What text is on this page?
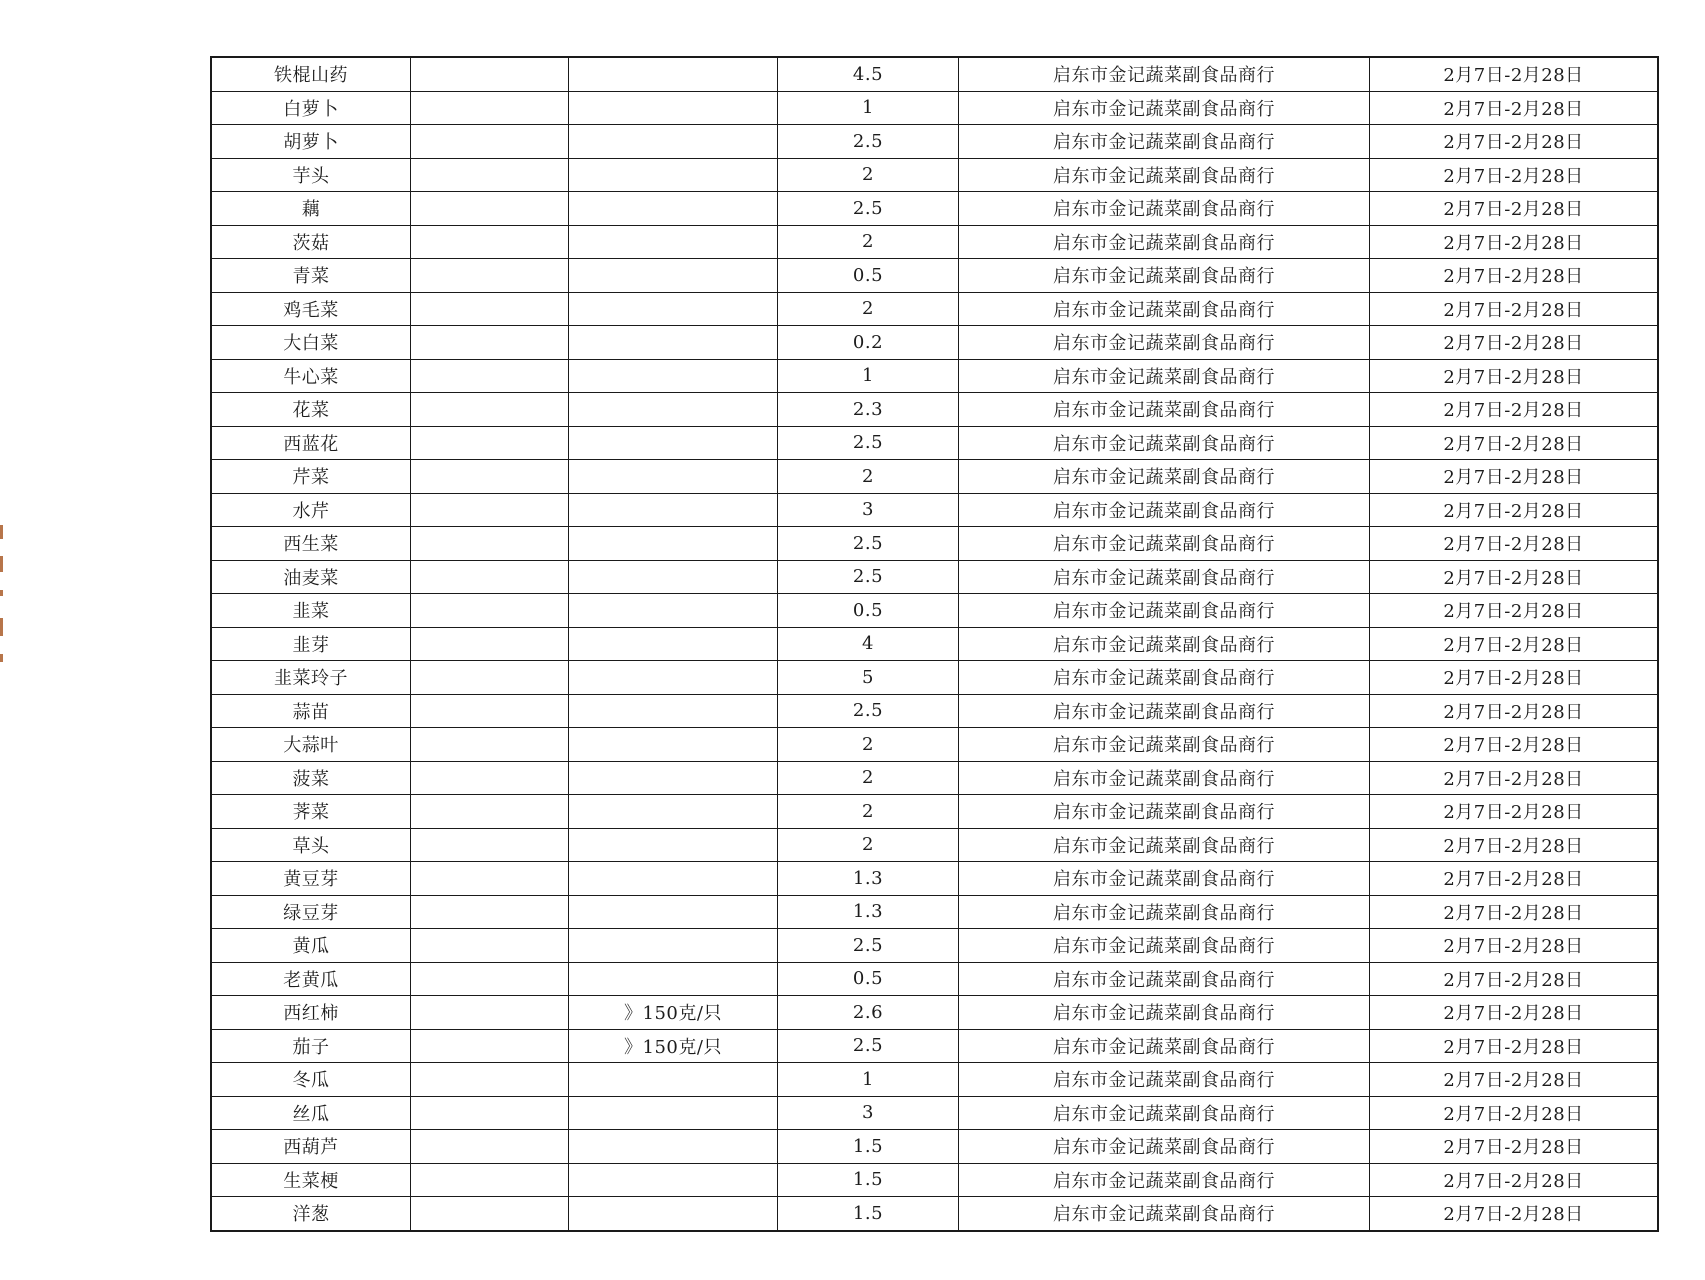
铁棍山药			4.5	启东市金记蔬菜副食品商行	2月7日-2月28日
白萝卜			1	启东市金记蔬菜副食品商行	2月7日-2月28日
胡萝卜			2.5	启东市金记蔬菜副食品商行	2月7日-2月28日
芋头			2	启东市金记蔬菜副食品商行	2月7日-2月28日
藕			2.5	启东市金记蔬菜副食品商行	2月7日-2月28日
茨菇			2	启东市金记蔬菜副食品商行	2月7日-2月28日
青菜			0.5	启东市金记蔬菜副食品商行	2月7日-2月28日
鸡毛菜			2	启东市金记蔬菜副食品商行	2月7日-2月28日
大白菜			0.2	启东市金记蔬菜副食品商行	2月7日-2月28日
牛心菜			1	启东市金记蔬菜副食品商行	2月7日-2月28日
花菜			2.3	启东市金记蔬菜副食品商行	2月7日-2月28日
西蓝花			2.5	启东市金记蔬菜副食品商行	2月7日-2月28日
芹菜			2	启东市金记蔬菜副食品商行	2月7日-2月28日
水芹			3	启东市金记蔬菜副食品商行	2月7日-2月28日
西生菜			2.5	启东市金记蔬菜副食品商行	2月7日-2月28日
油麦菜			2.5	启东市金记蔬菜副食品商行	2月7日-2月28日
韭菜			0.5	启东市金记蔬菜副食品商行	2月7日-2月28日
韭芽			4	启东市金记蔬菜副食品商行	2月7日-2月28日
韭菜玲子			5	启东市金记蔬菜副食品商行	2月7日-2月28日
蒜苗			2.5	启东市金记蔬菜副食品商行	2月7日-2月28日
大蒜叶			2	启东市金记蔬菜副食品商行	2月7日-2月28日
菠菜			2	启东市金记蔬菜副食品商行	2月7日-2月28日
荠菜			2	启东市金记蔬菜副食品商行	2月7日-2月28日
草头			2	启东市金记蔬菜副食品商行	2月7日-2月28日
黄豆芽			1.3	启东市金记蔬菜副食品商行	2月7日-2月28日
绿豆芽			1.3	启东市金记蔬菜副食品商行	2月7日-2月28日
黄瓜			2.5	启东市金记蔬菜副食品商行	2月7日-2月28日
老黄瓜			0.5	启东市金记蔬菜副食品商行	2月7日-2月28日
西红柿		》150克/只	2.6	启东市金记蔬菜副食品商行	2月7日-2月28日
茄子		》150克/只	2.5	启东市金记蔬菜副食品商行	2月7日-2月28日
冬瓜			1	启东市金记蔬菜副食品商行	2月7日-2月28日
丝瓜			3	启东市金记蔬菜副食品商行	2月7日-2月28日
西葫芦			1.5	启东市金记蔬菜副食品商行	2月7日-2月28日
生菜梗			1.5	启东市金记蔬菜副食品商行	2月7日-2月28日
洋葱			1.5	启东市金记蔬菜副食品商行	2月7日-2月28日
